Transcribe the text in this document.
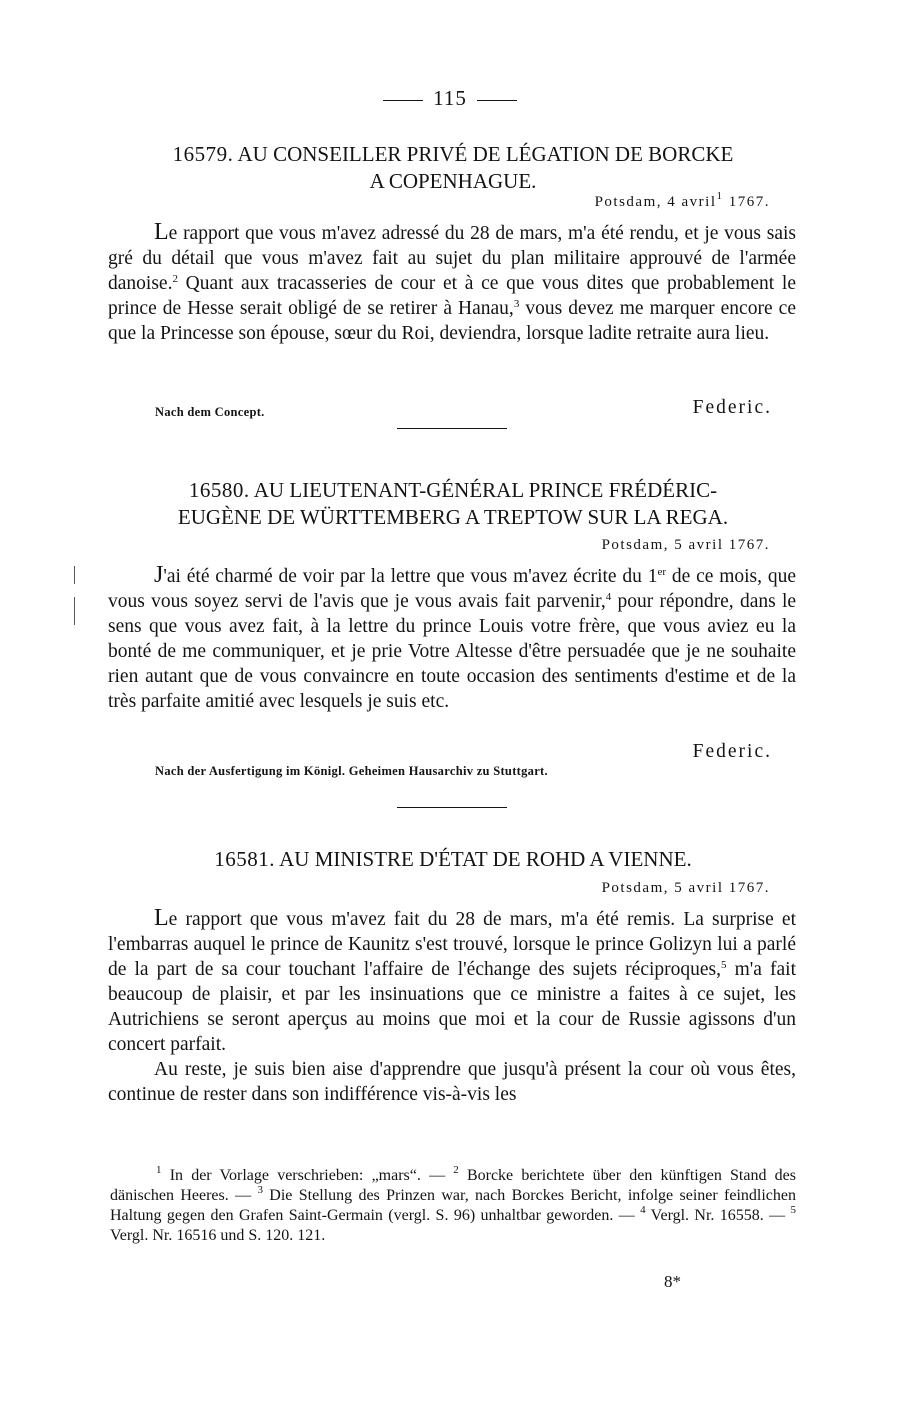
115
16579. AU CONSEILLER PRIVÉ DE LÉGATION DE BORCKE
A COPENHAGUE.
Potsdam, 4 avril$^1$ 1767.

Le rapport que vous m'avez adressé du 28 de mars, m'a été rendu, et je vous sais gré du détail que vous m'avez fait au sujet du plan militaire approuvé de l'armée danoise.$^2$ Quant aux tracasseries de cour et à ce que vous dites que probablement le prince de Hesse serait obligé de se retirer à Hanau,$^3$ vous devez me marquer encore ce que la Princesse son épouse, sœur du Roi, deviendra, lorsque ladite retraite aura lieu.

Nach dem Concept.	Federic.
16580. AU LIEUTENANT-GÉNÉRAL PRINCE FRÉDÉRIC-
EUGÈNE DE WÜRTTEMBERG A TREPTOW SUR LA REGA.
Potsdam, 5 avril 1767.

J'ai été charmé de voir par la lettre que vous m'avez écrite du 1er de ce mois, que vous vous soyez servi de l'avis que je vous avais fait parvenir,$^4$ pour répondre, dans le sens que vous avez fait, à la lettre du prince Louis votre frère, que vous aviez eu la bonté de me communiquer, et je prie Votre Altesse d'être persuadée que je ne souhaite rien autant que de vous convaincre en toute occasion des sentiments d'estime et de la très parfaite amitié avec lesquels je suis etc.

Federic.
Nach der Ausfertigung im Königl. Geheimen Hausarchiv zu Stuttgart.
16581. AU MINISTRE D'ÉTAT DE ROHD A VIENNE.
Potsdam, 5 avril 1767.

Le rapport que vous m'avez fait du 28 de mars, m'a été remis. La surprise et l'embarras auquel le prince de Kaunitz s'est trouvé, lorsque le prince Golizyn lui a parlé de la part de sa cour touchant l'affaire de l'échange des sujets réciproques,$^5$ m'a fait beaucoup de plaisir, et par les insinuations que ce ministre a faites à ce sujet, les Autrichiens se seront aperçus au moins que moi et la cour de Russie agissons d'un concert parfait.

Au reste, je suis bien aise d'apprendre que jusqu'à présent la cour où vous êtes, continue de rester dans son indifférence vis-à-vis les

$^1$ In der Vorlage verschrieben: „mars“. — $^2$ Borcke berichtete über den künftigen Stand des dänischen Heeres. — $^3$ Die Stellung des Prinzen war, nach Borckes Bericht, infolge seiner feindlichen Haltung gegen den Grafen Saint-Germain (vergl. S. 96) unhaltbar geworden. — $^4$ Vergl. Nr. 16558. — $^5$ Vergl. Nr. 16516 und S. 120. 121.
8*
